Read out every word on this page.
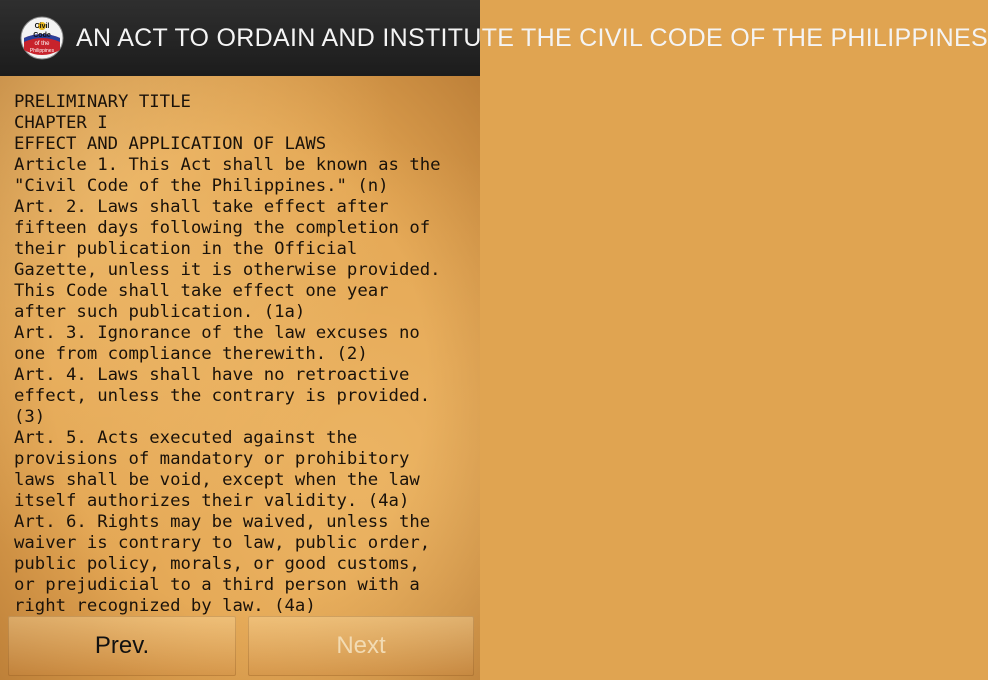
Civil
Code
of the
Philippines AN ACT TO ORDAIN AND INSTITUTE THE CIVIL CODE OF THE PHILIPPINES
PRELIMINARY TITLE
CHAPTER I
EFFECT AND APPLICATION OF LAWS
Article 1. This Act shall be known as the
"Civil Code of the Philippines." (n)
Art. 2. Laws shall take effect after
fifteen days following the completion of
their publication in the Official
Gazette, unless it is otherwise provided.
This Code shall take effect one year
after such publication. (1a)
Art. 3. Ignorance of the law excuses no
one from compliance therewith. (2)
Art. 4. Laws shall have no retroactive
effect, unless the contrary is provided.
(3)
Art. 5. Acts executed against the
provisions of mandatory or prohibitory
laws shall be void, except when the law
itself authorizes their validity. (4a)
Art. 6. Rights may be waived, unless the
waiver is contrary to law, public order,
public policy, morals, or good customs,
or prejudicial to a third person with a
right recognized by law. (4a)
Prev.	Next
